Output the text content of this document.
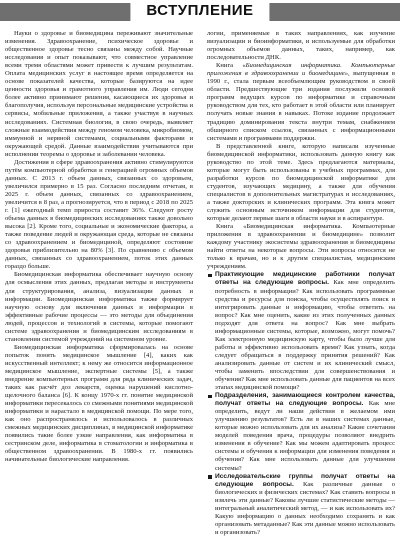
ВСТУПЛЕНИЕ

Науки о здоровье и биомедицина переживают значительные изменения. Здравоохранение, психическое здоровье и общественное здоровье тесно связаны между собой. Научные исследования и опыт показывают, что совместное управление всеми тремя областями может привести к лучшим результатам. Оплата медицинских услуг в настоящее время определяется на основе показателей качества, которые базируются на идее ценности здоровья и грамотного управления им. Люди сегодня более активно принимают решения, касающиеся их здоровья и благополучия, используя персональные медицинские устройства и сервисы, мобильные приложения, а также участвуя в научных исследованиях. Системная биология, в свою очередь, выявляет сложные взаимодействия между геномом человека, микробиомом, иммунной и нервной системами, социальными факторами и окружающей средой. Данные взаимодействия учитываются при исполнении теоремы о здоровье и заболевании человека.

Достижения в сфере здравоохранения активно стимулируются путём компьютерной обработки и генерацией огромных объемов данных. С 2013 г. объем данных, связанных со здоровьем, увеличился примерно в 15 раз. Согласно последним отчетам, в 2025 г. объем данных, связанных со здравоохранением, увеличится в 8 раз, а прогнозируется, что в период с 2018 по 2025 г. [1] ежегодный темп прироста составит 36%. Следуют росту объема данных в биомедицинских исследованиях также довольно высока [2]. Кроме того, социальные и экономические факторы, а также поведение людей и окружающая среда, которые не связаны со здравоохранением и биомедициной, определяют состояние здоровья приблизительно на 80% [3]. По сравнению с объемом данных, связанных со здравоохранением, поток этих данных гораздо больше.

Биомедицинская информатика обеспечивает научную основу для осмысления этих данных, предлагая методы и инструменты для структурирования, анализа, визуализации данных и информации. Биомедицинская информатика также формирует научную основу для включения данных и информации в эффективные рабочие процессы — это методы для объединения людей, процессов и технологий в системы, которые помогают системе здравоохранения и биомедицинским исследованиям в становлении системой учреждений на системном уровне.

Биомедицинская информатика сформировалась на основе попыток понять медицинское мышление [4], каких как искусственный интеллект; к нему же относится информационное медицинское мышление, экспертные системы [5], а также внедрение компьютерных программ для ряда клинических задач, таких как расчёт доз лекарств, оценка нарушений кислотно-щелочного баланса [6]. К концу 1970-х гг. понятие медицинской информатики пересекалось со смежными понятиями медицинской информатики и нарастало в медицинской помощи. По мере того, как оно распространялось и использовалось в различных смежных медицинских дисциплинах, в медицинской информатике появились такие более узкие направления, как информатика в сестринском деле, информатика в стоматологии и информатика в общественном здравоохранении. В 1980-х гг. появились начинательные биологические направления.

логии, применяемые в таких направлениях, как изучение визуализации и биоинформатики, и используемые для обработки огромных объемов данных, таких, например, как последовательности ДНК.

Книга «Биомедицинская информатика. Компьютерные приложения в здравоохранении и биомедицине», выпущенная в 1990 г., стала первым всеобъемлющим руководством в своей области. Предшествующие три издания послужили основой программ ведущих курсов по информатике и справочным руководством для тех, кто работает в этой области или планирует получать новые знания в навыках. Потоке издание продолжает традицию доминирования текста внутри темам, снабжением обширного списком ссылок, связанных с информационными системами и программами поддержки.

В представленной книге, которую написали изученные биомедицинской информатики, использовать данную книгу как руководство по этой теме. Здесь предлагаются материалы, которые могут быть использованы в учебных программах, для разработки курсов по биомедицинской информатике для студентов, изучающих медицину, а также для обучения специалистов в дополнительных магистратурах и исследованиях, а также докторских и клинических программ. Эта книга может служить основным источником информации для студентов, которые делают первые шаги в области науки и в аспирантуре.

Книга «Биомедицинская информатика. Компьютерные приложения в здравоохранении и биомедицине» позволит каждому участнику экосистемы здравоохранения и биомедицины найти ответы на некоторые вопросы. Эти вопросы относятся не только к врачам, но и к другим специалистам, медицинским учреждениям.

Практикующие медицинские работники получат ответы на следующие вопросы. Как мне определить потребность в информации? Как использовать программные средства и ресурсы для поиска, чтобы осуществлять поиск и интегрировать данные и информацию, чтобы ответить на вопрос? Как мне оценить, какие из этих полученных данных подходят для ответа на вопрос? Как мне выбрать информационные системы, которые, возможно, могут помочь? Как электронную медицинскую карту, чтобы было лучше для работы и эффективно использовать время? Как узнать, когда следует обращаться в поддержку принятия решений? Как анализировать данные от систем и их клинический смысл, чтобы заменить впоследствии для совершенствования и обучения? Как мне использовать данные для пациентов на всех этапах медицинской помощи?
Подразделения, занимающиеся контролем качества, получат ответы на следующие вопросы. Как мне определить, ведут ли наши действия в желаемом ими улучшению результатов? Есть ли в наших системах данные, которые можно использовать для их анализа? Какие сочетания моделей поведения врача, процедуры позволяют внедрить изменения в обучение? Как мы можем адаптировать процесс системы и обучения к информации для изменения поведения и обучения? Как мне использовать данные для улучшения системы?
Исследовательские группы получат ответы на следующие вопросы. Как различные данные о биологических и физических системах? Как ставить вопросы и извлечь эти данные? Каковы лучшие статистические методы — интегральный аналитический метод, — и как использовать их? Какую информацию о данных необходимо сохранять и как организовать метаданные? Как эти данные можно использовать и организовать?
